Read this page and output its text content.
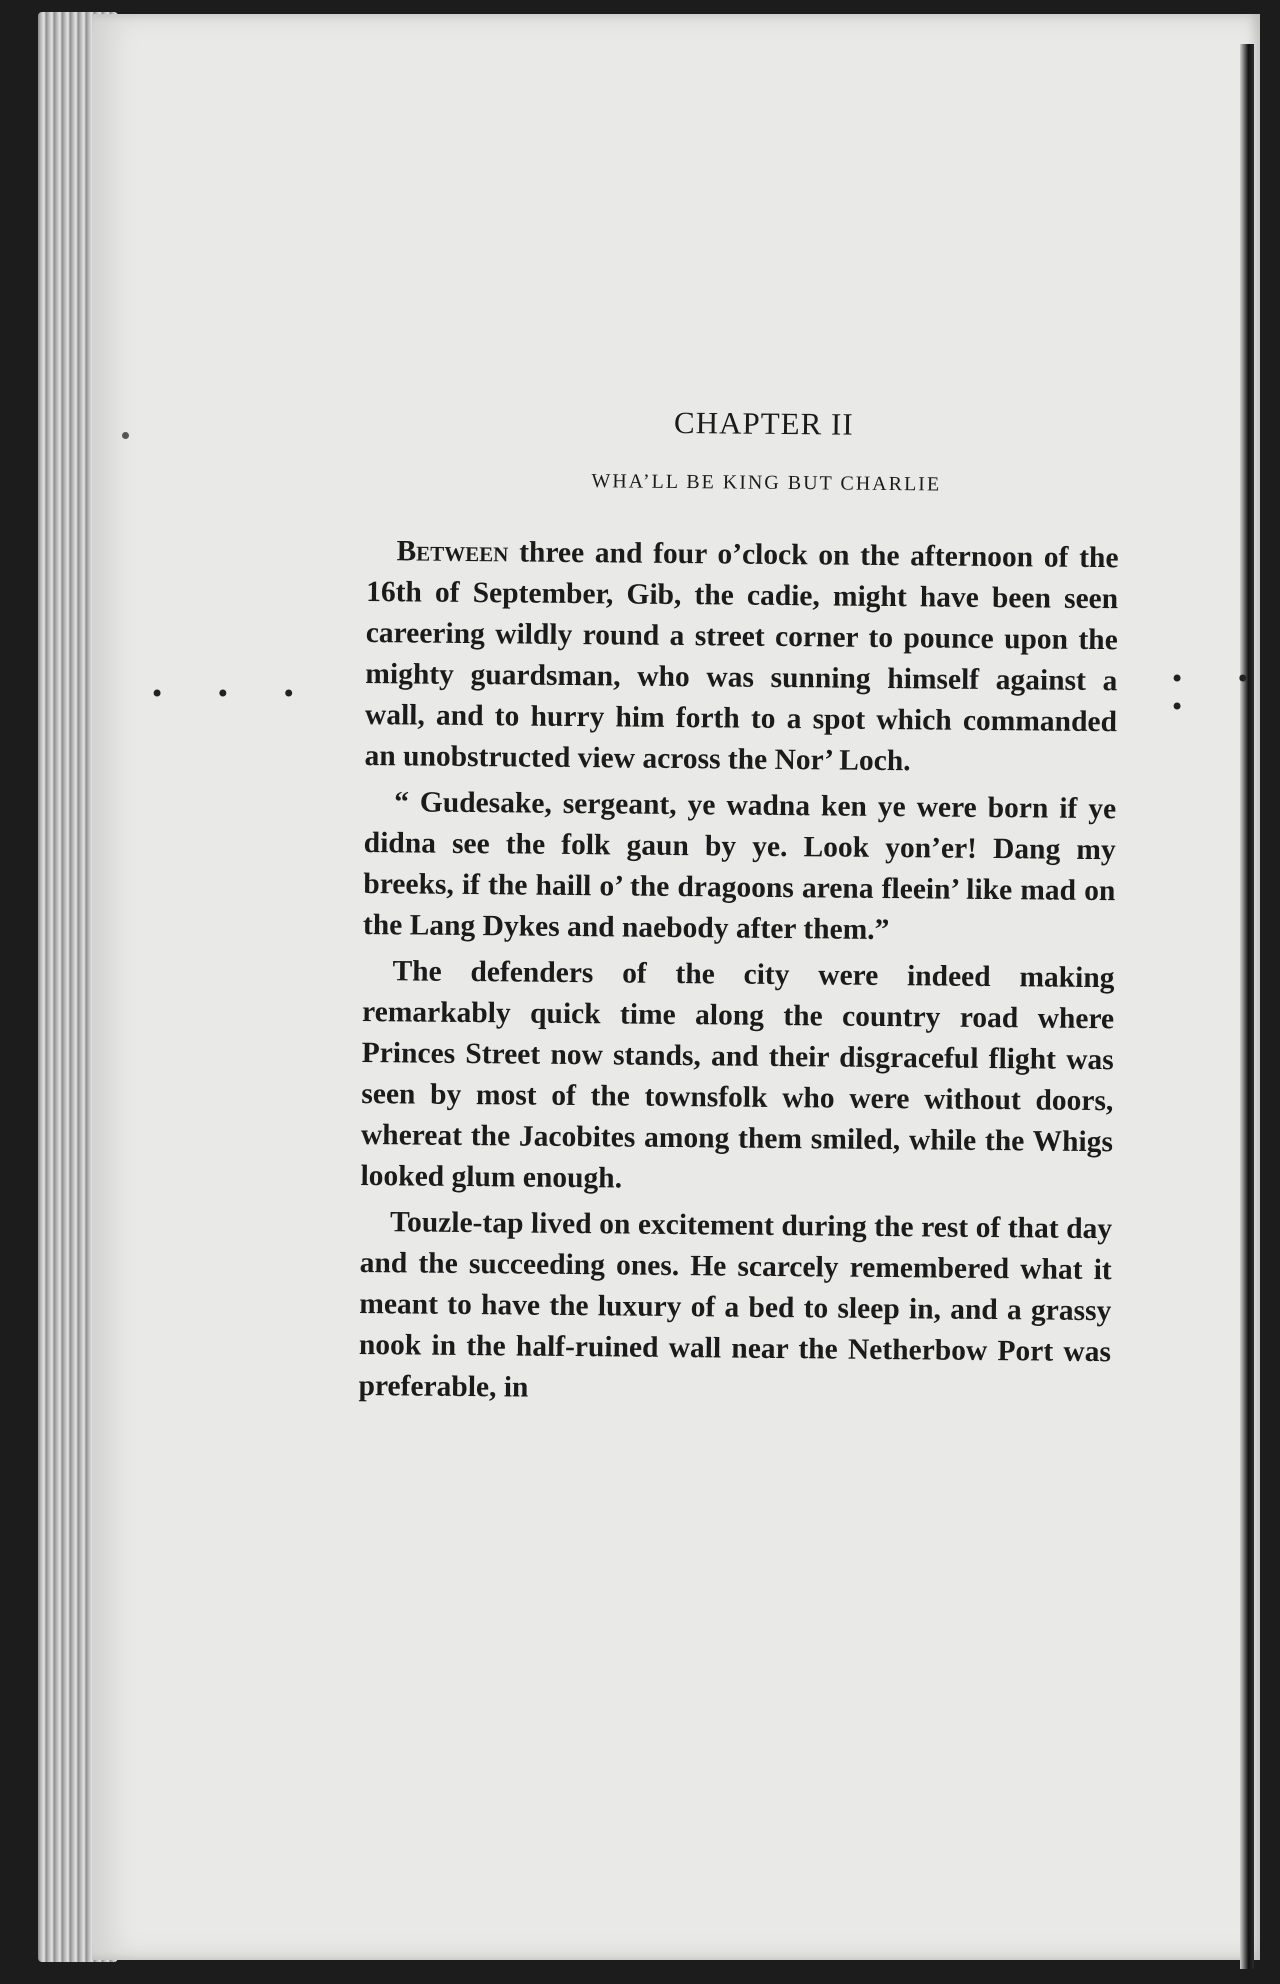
• • •
• • •
CHAPTER II
WHA’LL BE KING BUT CHARLIE

Between three and four o’clock on the afternoon of the 16th of September, Gib, the cadie, might have been seen careering wildly round a street corner to pounce upon the mighty guardsman, who was sunning himself against a wall, and to hurry him forth to a spot which commanded an unobstructed view across the Nor’ Loch.

“ Gudesake, sergeant, ye wadna ken ye were born if ye didna see the folk gaun by ye. Look yon’er! Dang my breeks, if the haill o’ the dragoons arena fleein’ like mad on the Lang Dykes and naebody after them.”

The defenders of the city were indeed making remarkably quick time along the country road where Princes Street now stands, and their disgraceful flight was seen by most of the townsfolk who were without doors, whereat the Jacobites among them smiled, while the Whigs looked glum enough.

Touzle-tap lived on excitement during the rest of that day and the succeeding ones. He scarcely remembered what it meant to have the luxury of a bed to sleep in, and a grassy nook in the half-ruined wall near the Netherbow Port was preferable, in
